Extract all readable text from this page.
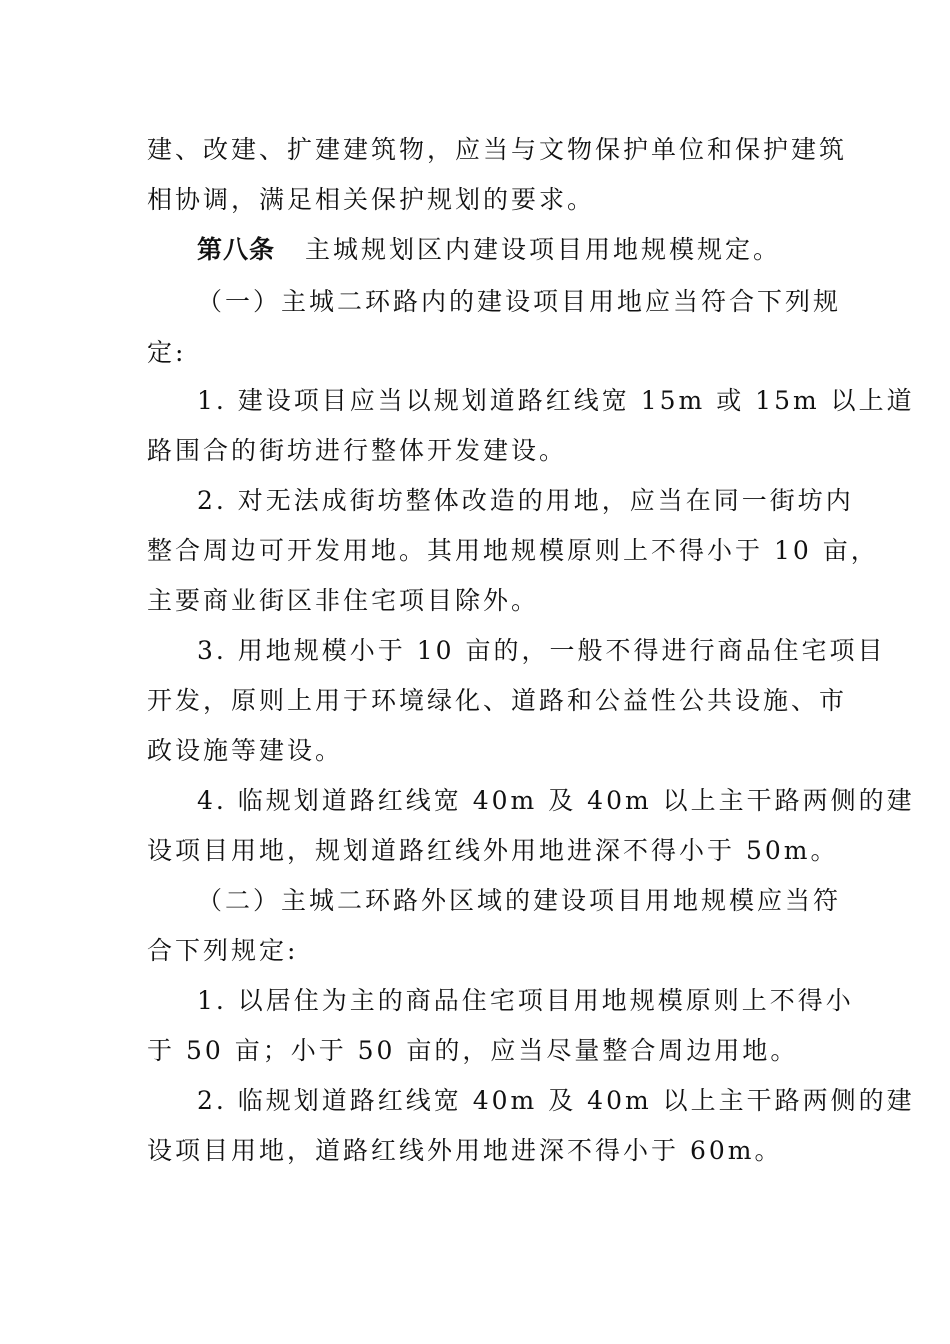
建、改建、扩建建筑物，应当与文物保护单位和保护建筑
相协调，满足相关保护规划的要求。
第八条 主城规划区内建设项目用地规模规定。
（一）主城二环路内的建设项目用地应当符合下列规
定:
1. 建设项目应当以规划道路红线宽 15m 或 15m 以上道
路围合的街坊进行整体开发建设。
2. 对无法成街坊整体改造的用地，应当在同一街坊内
整合周边可开发用地。其用地规模原则上不得小于 10 亩，
主要商业街区非住宅项目除外。
3. 用地规模小于 10 亩的，一般不得进行商品住宅项目
开发，原则上用于环境绿化、道路和公益性公共设施、市
政设施等建设。
4. 临规划道路红线宽 40m 及 40m 以上主干路两侧的建
设项目用地，规划道路红线外用地进深不得小于 50m。
（二）主城二环路外区域的建设项目用地规模应当符
合下列规定:
1. 以居住为主的商品住宅项目用地规模原则上不得小
于 50 亩；小于 50 亩的，应当尽量整合周边用地。
2. 临规划道路红线宽 40m 及 40m 以上主干路两侧的建
设项目用地，道路红线外用地进深不得小于 60m。
